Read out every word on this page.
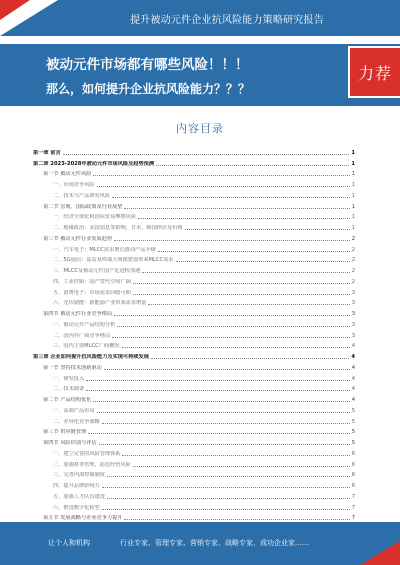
提升被动元件企业抗风险能力策略研究报告
被动元件市场都有哪些风险！！！
那么，如何提升企业抗风险能力？？？
力荐
内容目录
第一章 前言	1
第二章 2023-2028年被动元件市场风险及趋势预测	1
第一节 被动元件风险	1
一、市场竞争风险	1
二、技术与产品研发风险	1
第二节 宏观、国际政策及行业展望	1
一、经济全球化和国际贸易摩擦风险	1
二、地缘政治：美国加息等影响，日本、韩国供应及价格	1
第三节 被动元件行业发展趋势	2
一、汽车电子：MLCC需求增长推动产品升级	2
二、5G通信：基站及终端大规模建设带来MLCC需求	2
三、MLCC及被动元件国产化进程加速	2
四、工业控制：国产替代空间广阔	2
五、消费电子：市场需求回暖可期	3
六、光伏储能：新能源产业带来需求增量	3
第四节 被动元件行业竞争格局	3
一、被动元件产品结构分析	3
二、国内外厂商竞争格局	3
三、国内主要MLCC厂商概况	4
第三章 企业如何提升抗风险能力及实现可持续发展	4
第一节 坚持技术创新驱动	4
一、研发投入	4
二、技术储备	4
第二节 产品结构优化	4
一、高端产品布局	5
二、差异化竞争策略	5
第三节 供应链管理	5
第四节 风险识别与评估	5
一、建立完善的风险管理体系	6
二、加强财务管理，防范经营风险	6
三、完善内部控制制度	6
四、提升品牌影响力	6
五、加强人才队伍建设	7
六、推进数字化转型	7
第五节 发展战略与企业竞争力提升	7
让个人和机构	行业专家、管理专家、营销专家、战略专家、成功企业家……
